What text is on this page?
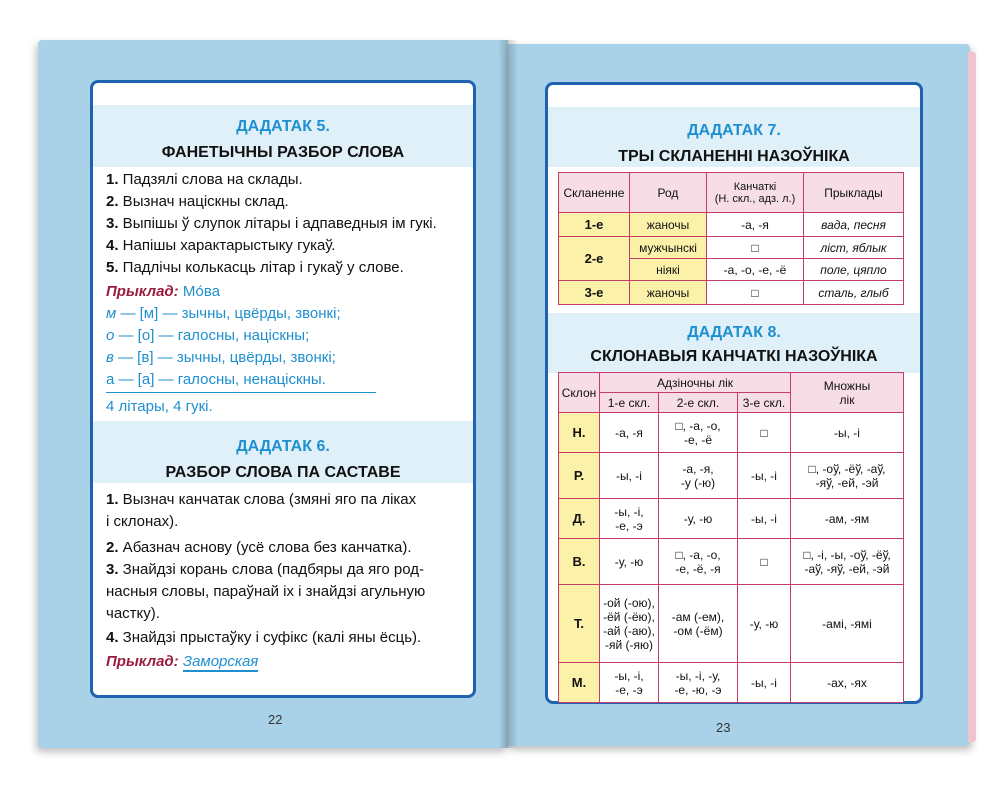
ДАДАТАК 5.
ФАНЕТЫЧНЫ РАЗБОР СЛОВА
1. Падзялі слова на склады.
2. Вызнач націскны склад.
3. Выпішы ў слупок літары і адпаведныя ім гукі.
4. Напішы характарыстыку гукаў.
5. Падлічы колькасць літар і гукаў у слове.
Прыклад: Мо́ва
м — [м] — зычны, цвёрды, звонкі;
о — [о] — галосны, націскны;
в — [в] — зычны, цвёрды, звонкі;
а — [а] — галосны, ненаціскны.
4 літары, 4 гукі.
ДАДАТАК 6.
РАЗБОР СЛОВА ПА САСТАВЕ
1. Вызнач канчатак слова (змяні яго па ліках
і склонах).
2. Абазнач аснову (усё слова без канчатка).
3. Знайдзі корань слова (падбяры да яго род-
насныя словы, параўнай іх і знайдзі агульную
частку).
4. Знайдзі прыстаўку і суфікс (калі яны ёсць).
Прыклад: Заморская
22
ДАДАТАК 7.
ТРЫ СКЛАНЕННІ НАЗОЎНІКА
Скланенне	Род	Канчаткі
(Н. скл., адз. л.)	Прыклады
1-е	жаночы	-а, -я	вада, песня
2-е	мужчынскі	□	ліст, яблык
	ніякі	-а, -о, -е, -ё	поле, цяпло
3-е	жаночы	□	сталь, глыб
ДАДАТАК 8.
СКЛОНАВЫЯ КАНЧАТКІ НАЗОЎНІКА
Склон	Адзіночны лік			Множны
лік
	1-е скл.	2-е скл.	3-е скл.	
Н.	-а, -я	□, -а, -о,
-е, -ё	□	-ы, -і
Р.	-ы, -і	-а, -я,
-у (-ю)	-ы, -і	□, -оў, -ёў, -аў,
-яў, -ей, -эй
Д.	-ы, -і,
-е, -э	-у, -ю	-ы, -і	-ам, -ям
В.	-у, -ю	□, -а, -о,
-е, -ё, -я	□	□, -і, -ы, -оў, -ёў,
-аў, -яў, -ей, -эй
Т.	-ой (-ою),
-ёй (-ёю),
-ай (-аю),
-яй (-яю)	-ам (-ем),
-ом (-ём)	-у, -ю	-амі, -ямі
М.	-ы, -і,
-е, -э	-ы, -і, -у,
-е, -ю, -э	-ы, -і	-ах, -ях
23
